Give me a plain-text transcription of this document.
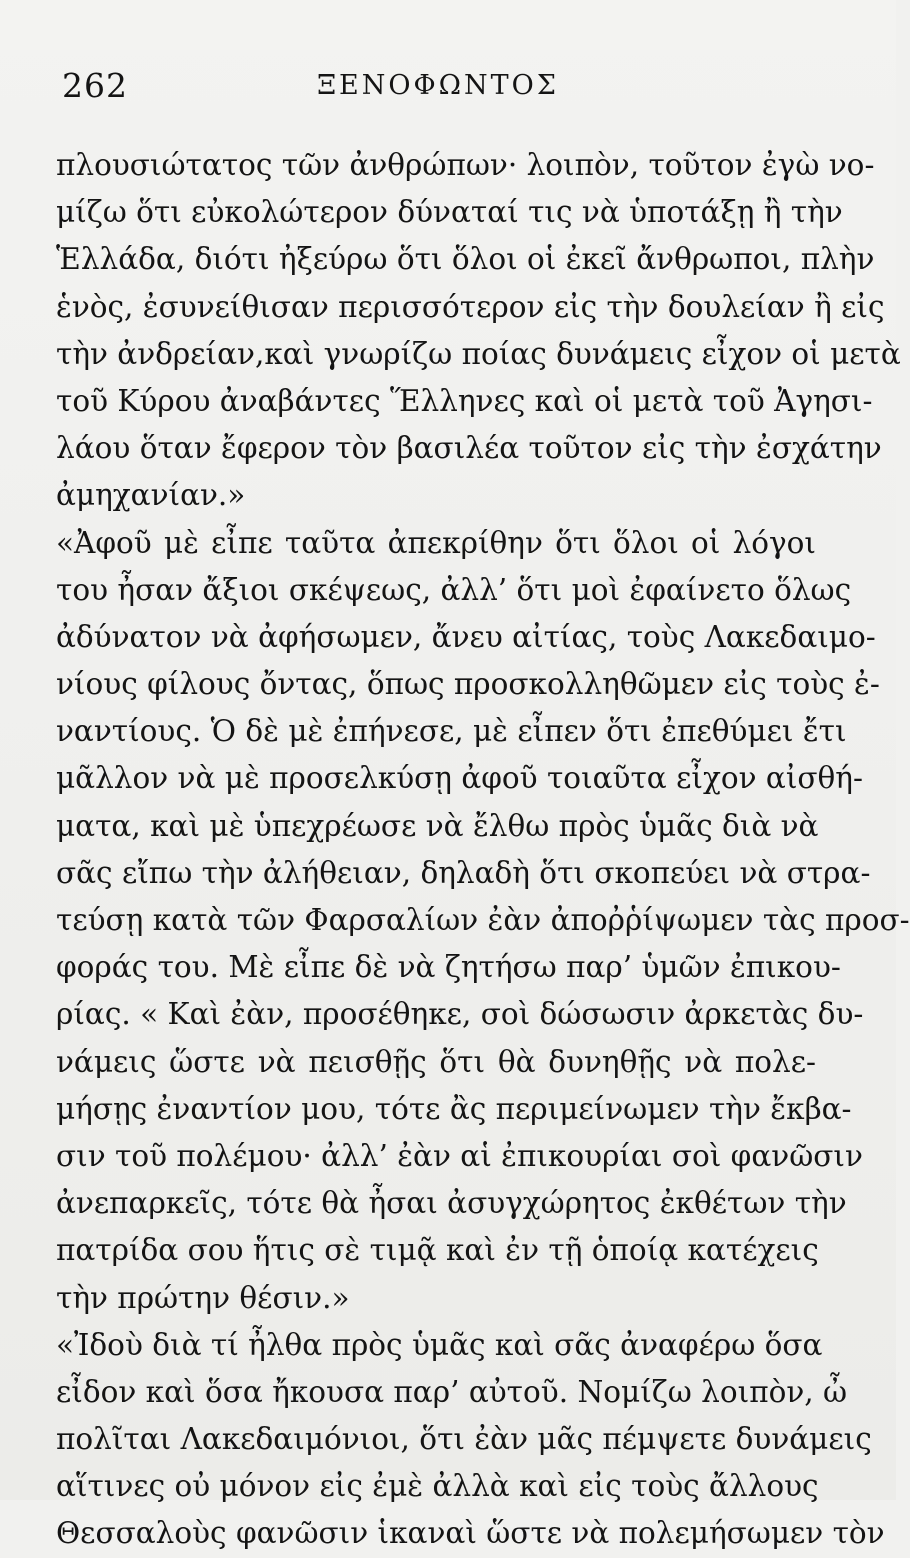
262	ΞΕΝΟΦΩΝΤΟΣ
πλουσιώτατος τῶν ἀνθρώπων· λοιπὸν, τοῦτον ἐγὼ νο-
μίζω ὅτι εὐκολώτερον δύναταί τις νὰ ὑποτάξῃ ἢ τὴν
Ἑλλάδα, διότι ἠξεύρω ὅτι ὅλοι οἱ ἐκεῖ ἄνθρωποι, πλὴν
ἑνὸς, ἐσυνείθισαν περισσότερον εἰς τὴν δουλείαν ἢ εἰς
τὴν ἀνδρείαν,καὶ γνωρίζω ποίας δυνάμεις εἶχον οἱ μετὰ
τοῦ Κύρου ἀναβάντες Ἕλληνες καὶ οἱ μετὰ τοῦ Ἀγησι-
λάου ὅταν ἔφερον τὸν βασιλέα τοῦτον εἰς τὴν ἐσχάτην
ἀμηχανίαν.»
«Ἀφοῦ μὲ εἶπε ταῦτα ἀπεκρίθην ὅτι ὅλοι οἱ λόγοι
του ἦσαν ἄξιοι σκέψεως, ἀλλ’ ὅτι μοὶ ἐφαίνετο ὅλως
ἀδύνατον νὰ ἀφήσωμεν, ἄνευ αἰτίας, τοὺς Λακεδαιμο-
νίους φίλους ὄντας, ὅπως προσκολληθῶμεν εἰς τοὺς ἐ-
ναντίους. Ὁ δὲ μὲ ἐπήνεσε, μὲ εἶπεν ὅτι ἐπεθύμει ἔτι
μᾶλλον νὰ μὲ προσελκύσῃ ἀφοῦ τοιαῦτα εἶχον αἰσθή-
ματα, καὶ μὲ ὑπεχρέωσε νὰ ἔλθω πρὸς ὑμᾶς διὰ νὰ
σᾶς εἴπω τὴν ἀλήθειαν, δηλαδὴ ὅτι σκοπεύει νὰ στρα-
τεύσῃ κατὰ τῶν Φαρσαλίων ἐὰν ἀποῤῥίψωμεν τὰς προσ-
φοράς του. Μὲ εἶπε δὲ νὰ ζητήσω παρ’ ὑμῶν ἐπικου-
ρίας. « Καὶ ἐὰν, προσέθηκε, σοὶ δώσωσιν ἀρκετὰς δυ-
νάμεις ὥστε νὰ πεισθῇς ὅτι θὰ δυνηθῇς νὰ πολε-
μήσῃς ἐναντίον μου, τότε ἂς περιμείνωμεν τὴν ἔκβα-
σιν τοῦ πολέμου· ἀλλ’ ἐὰν αἱ ἐπικουρίαι σοὶ φανῶσιν
ἀνεπαρκεῖς, τότε θὰ ἦσαι ἀσυγχώρητος ἐκθέτων τὴν
πατρίδα σου ἥτις σὲ τιμᾷ καὶ ἐν τῇ ὁποίᾳ κατέχεις
τὴν πρώτην θέσιν.»
«Ἰδοὺ διὰ τί ἦλθα πρὸς ὑμᾶς καὶ σᾶς ἀναφέρω ὅσα
εἶδον καὶ ὅσα ἤκουσα παρ’ αὐτοῦ. Νομίζω λοιπὸν, ὦ
πολῖται Λακεδαιμόνιοι, ὅτι ἐὰν μᾶς πέμψετε δυνάμεις
αἵτινες οὐ μόνον εἰς ἐμὲ ἀλλὰ καὶ εἰς τοὺς ἄλλους
Θεσσαλοὺς φανῶσιν ἱκαναὶ ὥστε νὰ πολεμήσωμεν τὸν
